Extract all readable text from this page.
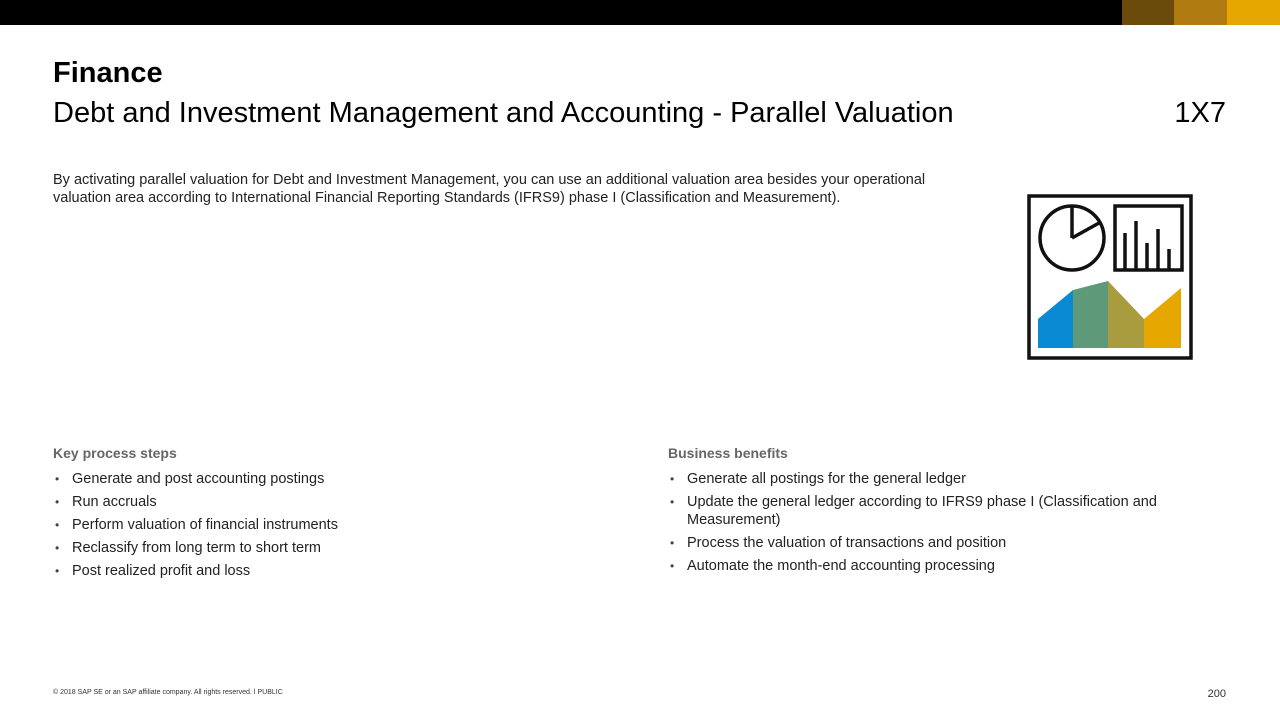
Finance
Debt and Investment Management and Accounting - Parallel Valuation	1X7
By activating parallel valuation for Debt and Investment Management, you can use an additional valuation area besides your operational valuation area according to International Financial Reporting Standards (IFRS9) phase I (Classification and Measurement).
Key process steps	Business benefits
• Generate and post accounting postings
• Run accruals
• Perform valuation of financial instruments
• Reclassify from long term to short term
• Post realized profit and loss
• Generate all postings for the general ledger
• Update the general ledger according to IFRS9 phase I (Classification and Measurement)
• Process the valuation of transactions and position
• Automate the month-end accounting processing
© 2018 SAP SE or an SAP affiliate company. All rights reserved. ǀ PUBLIC	200
